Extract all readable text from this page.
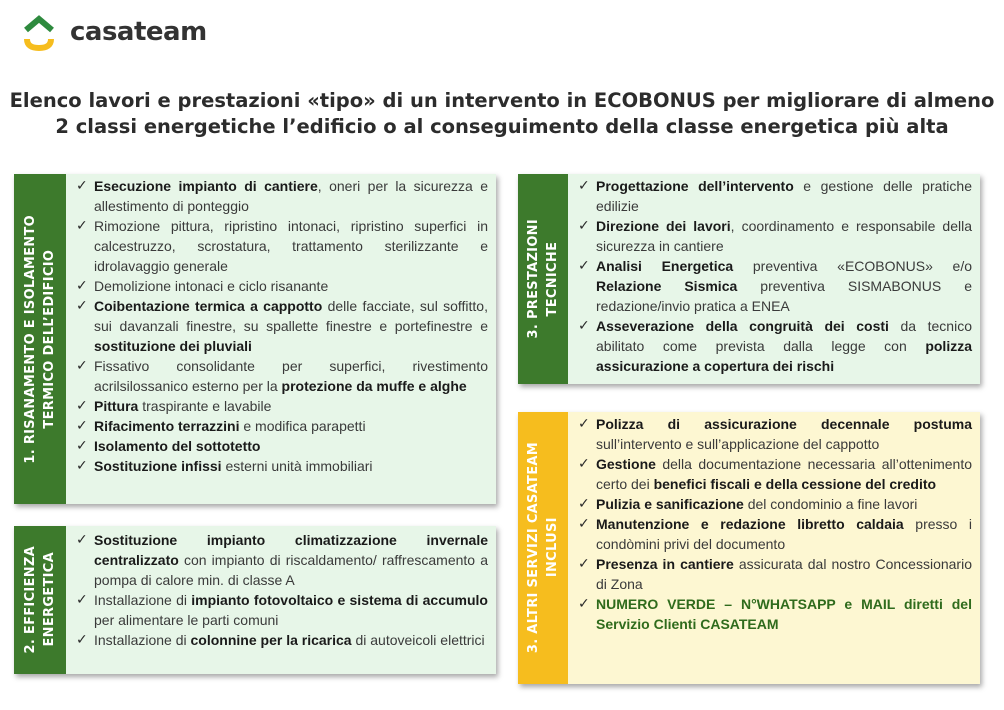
casateam
Elenco lavori e prestazioni «tipo» di un intervento in ECOBONUS per migliorare di almeno
2 classi energetiche l’edificio o al conseguimento della classe energetica più alta
1. RISANAMENTO E ISOLAMENTO TERMICO DELL’EDIFICIO
✓ Esecuzione impianto di cantiere, oneri per la sicurezza e allestimento di ponteggio
✓ Rimozione pittura, ripristino intonaci, ripristino superfici in calcestruzzo, scrostatura, trattamento sterilizzante e idrolavaggio generale
✓ Demolizione intonaci e ciclo risanante
✓ Coibentazione termica a cappotto delle facciate, sul soffitto, sui davanzali finestre, su spallette finestre e portefinestre e sostituzione dei pluviali
✓ Fissativo consolidante per superfici, rivestimento acrilsilossanico esterno per la protezione da muffe e alghe
✓ Pittura traspirante e lavabile
✓ Rifacimento terrazzini e modifica parapetti
✓ Isolamento del sottotetto
✓ Sostituzione infissi esterni unità immobiliari
2. EFFICIENZA ENERGETICA
✓ Sostituzione impianto climatizzazione invernale centralizzato con impianto di riscaldamento/ raffrescamento a pompa di calore min. di classe A
✓ Installazione di impianto fotovoltaico e sistema di accumulo per alimentare le parti comuni
✓ Installazione di colonnine per la ricarica di autoveicoli elettrici
3. PRESTAZIONI TECNICHE
✓ Progettazione dell’intervento e gestione delle pratiche edilizie
✓ Direzione dei lavori, coordinamento e responsabile della sicurezza in cantiere
✓ Analisi Energetica preventiva «ECOBONUS» e/o Relazione Sismica preventiva SISMABONUS e redazione/invio pratica a ENEA
✓ Asseverazione della congruità dei costi da tecnico abilitato come prevista dalla legge con polizza assicurazione a copertura dei rischi
3. ALTRI SERVIZI CASATEAM INCLUSI
✓ Polizza di assicurazione decennale postuma sull’intervento e sull’applicazione del cappotto
✓ Gestione della documentazione necessaria all’ottenimento certo dei benefici fiscali e della cessione del credito
✓ Pulizia e sanificazione del condominio a fine lavori
✓ Manutenzione e redazione libretto caldaia presso i condòmini privi del documento
✓ Presenza in cantiere assicurata dal nostro Concessionario di Zona
✓ NUMERO VERDE – N°WHATSAPP e MAIL diretti del Servizio Clienti CASATEAM
